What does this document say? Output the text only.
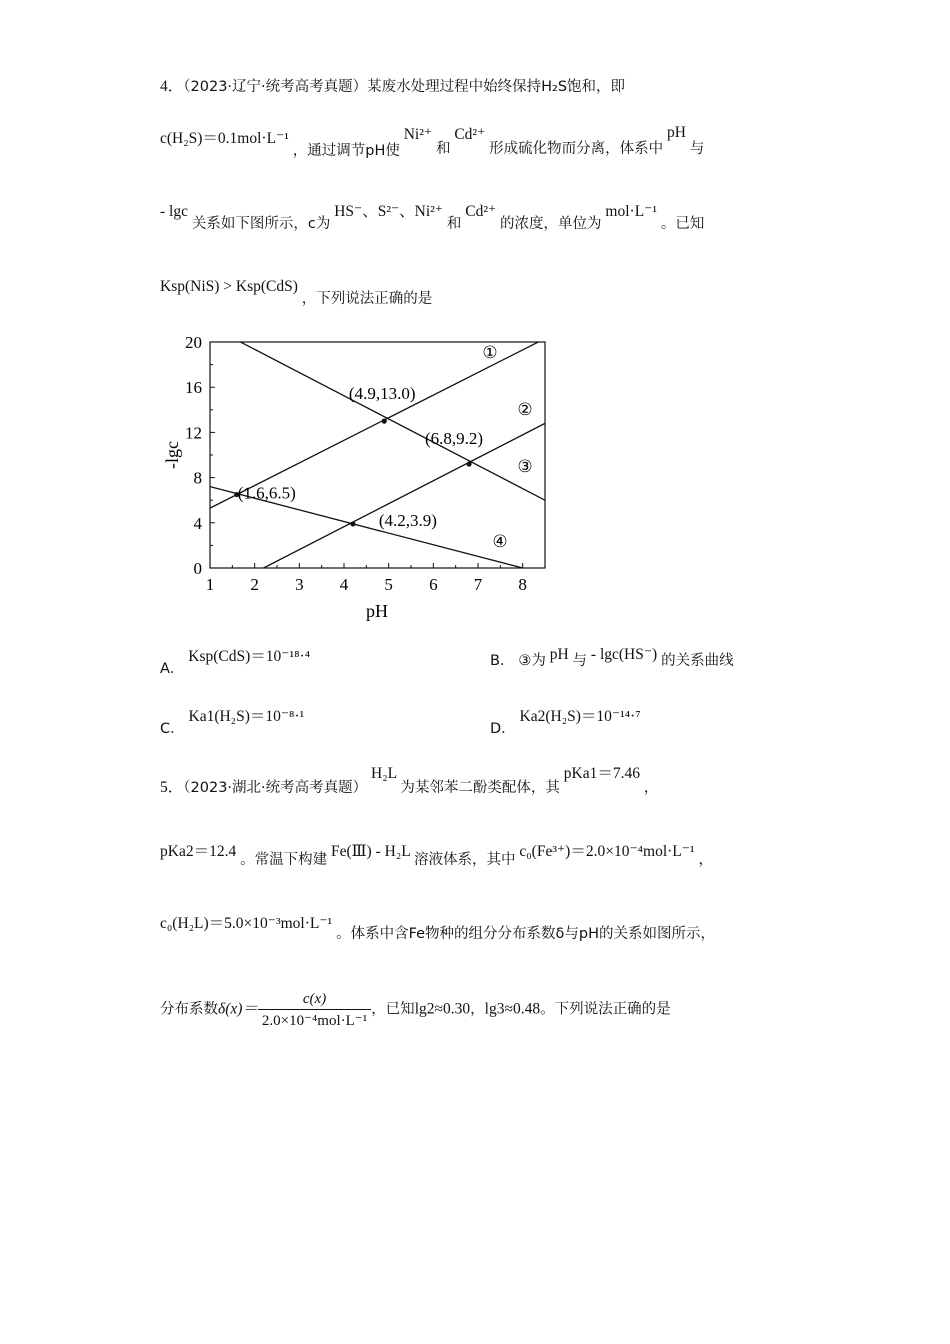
4．（2023·辽宁·统考高考真题）某废水处理过程中始终保持H₂S饱和，即
c(H₂S)＝0.1mol·L⁻¹ ，通过调节pH使 Ni²⁺ 和 Cd²⁺ 形成硫化物而分离，体系中 pH 与
- lgc 关系如下图所示，c为 HS⁻、S²⁻、Ni²⁺ 和 Cd²⁺ 的浓度，单位为 mol·L⁻¹ 。已知
Ksp(NiS) > Ksp(CdS) ，下列说法正确的是
(4.9,13.0)
(6.8,9.2)
(1.6,6.5)
(4.2,3.9)
1 2 3 4 5 6 7 8
0
4
8
12
16
20
pH
-lgc
①
②
③
④
A． Ksp(CdS)＝10⁻¹⁸·⁴	B． ③为 pH 与 - lgc(HS⁻) 的关系曲线
C． Ka1(H₂S)＝10⁻⁸·¹
D． Ka2(H₂S)＝10⁻¹⁴·⁷
5．（2023·湖北·统考高考真题） H₂L 为某邻苯二酚类配体，其 pKa1＝7.46 ，
pKa2＝12.4 。常温下构建 Fe(Ⅲ) - H₂L 溶液体系，其中 c₀(Fe³⁺)＝2.0×10⁻⁴mol·L⁻¹ ，
c₀(H₂L)＝5.0×10⁻³mol·L⁻¹ 。体系中含Fe物种的组分分布系数δ与pH的关系如图所示，
分布系数$\delta(x)= \frac{c(x)}{\text{2.0×10⁻⁴mol·L⁻¹}}$ ，已知lg2≈0.30，lg3≈0.48。下列说法正确的是
